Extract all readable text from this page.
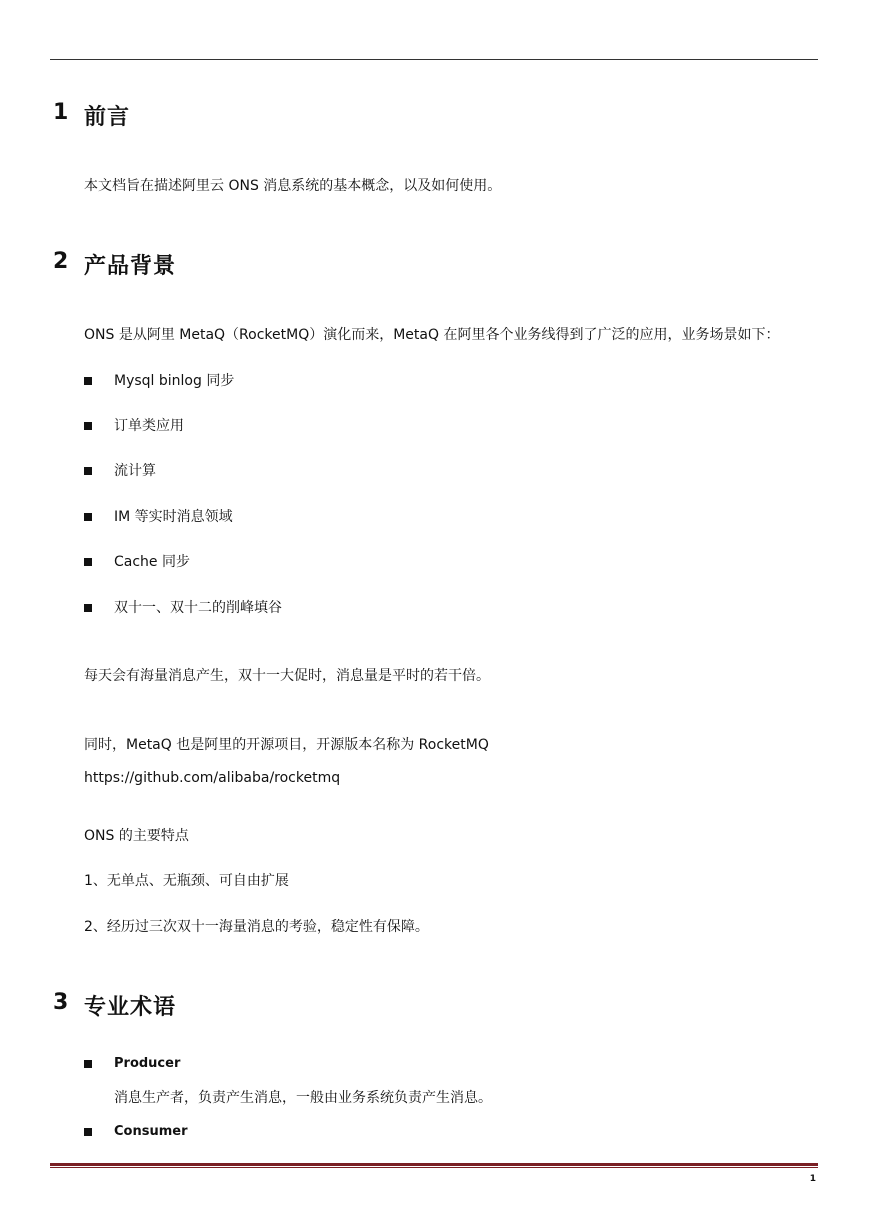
1 前言
本文档旨在描述阿里云 ONS 消息系统的基本概念，以及如何使用。
2 产品背景
ONS 是从阿里 MetaQ（RocketMQ）演化而来，MetaQ 在阿里各个业务线得到了广泛的应用，业务场景如下：
Mysql binlog 同步
订单类应用
流计算
IM 等实时消息领域
Cache 同步
双十一、双十二的削峰填谷
每天会有海量消息产生，双十一大促时，消息量是平时的若干倍。
同时，MetaQ 也是阿里的开源项目，开源版本名称为 RocketMQ
https://github.com/alibaba/rocketmq
ONS 的主要特点
1、无单点、无瓶颈、可自由扩展
2、经历过三次双十一海量消息的考验，稳定性有保障。
3 专业术语
Producer
消息生产者，负责产生消息，一般由业务系统负责产生消息。
Consumer
1
